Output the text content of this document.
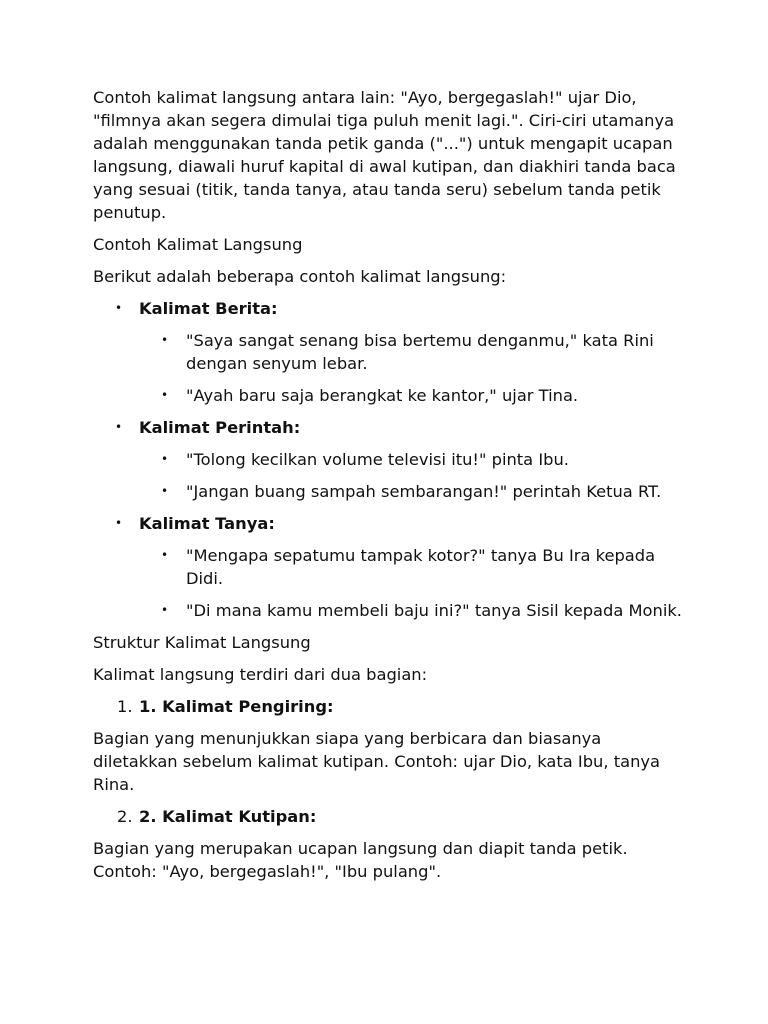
Contoh kalimat langsung antara lain: "Ayo, bergegaslah!" ujar Dio, "filmnya akan segera dimulai tiga puluh menit lagi.". Ciri-ciri utamanya adalah menggunakan tanda petik ganda ("...") untuk mengapit ucapan langsung, diawali huruf kapital di awal kutipan, dan diakhiri tanda baca yang sesuai (titik, tanda tanya, atau tanda seru) sebelum tanda petik penutup.

Contoh Kalimat Langsung

Berikut adalah beberapa contoh kalimat langsung:

• Kalimat Berita:
• "Saya sangat senang bisa bertemu denganmu," kata Rini dengan senyum lebar.
• "Ayah baru saja berangkat ke kantor," ujar Tina.
• Kalimat Perintah:
• "Tolong kecilkan volume televisi itu!" pinta Ibu.
• "Jangan buang sampah sembarangan!" perintah Ketua RT.
• Kalimat Tanya:
• "Mengapa sepatumu tampak kotor?" tanya Bu Ira kepada Didi.
• "Di mana kamu membeli baju ini?" tanya Sisil kepada Monik.

Struktur Kalimat Langsung

Kalimat langsung terdiri dari dua bagian:

1. 1. Kalimat Pengiring:

Bagian yang menunjukkan siapa yang berbicara dan biasanya diletakkan sebelum kalimat kutipan. Contoh: ujar Dio, kata Ibu, tanya Rina.

2. 2. Kalimat Kutipan:

Bagian yang merupakan ucapan langsung dan diapit tanda petik. Contoh: "Ayo, bergegaslah!", "Ibu pulang".
